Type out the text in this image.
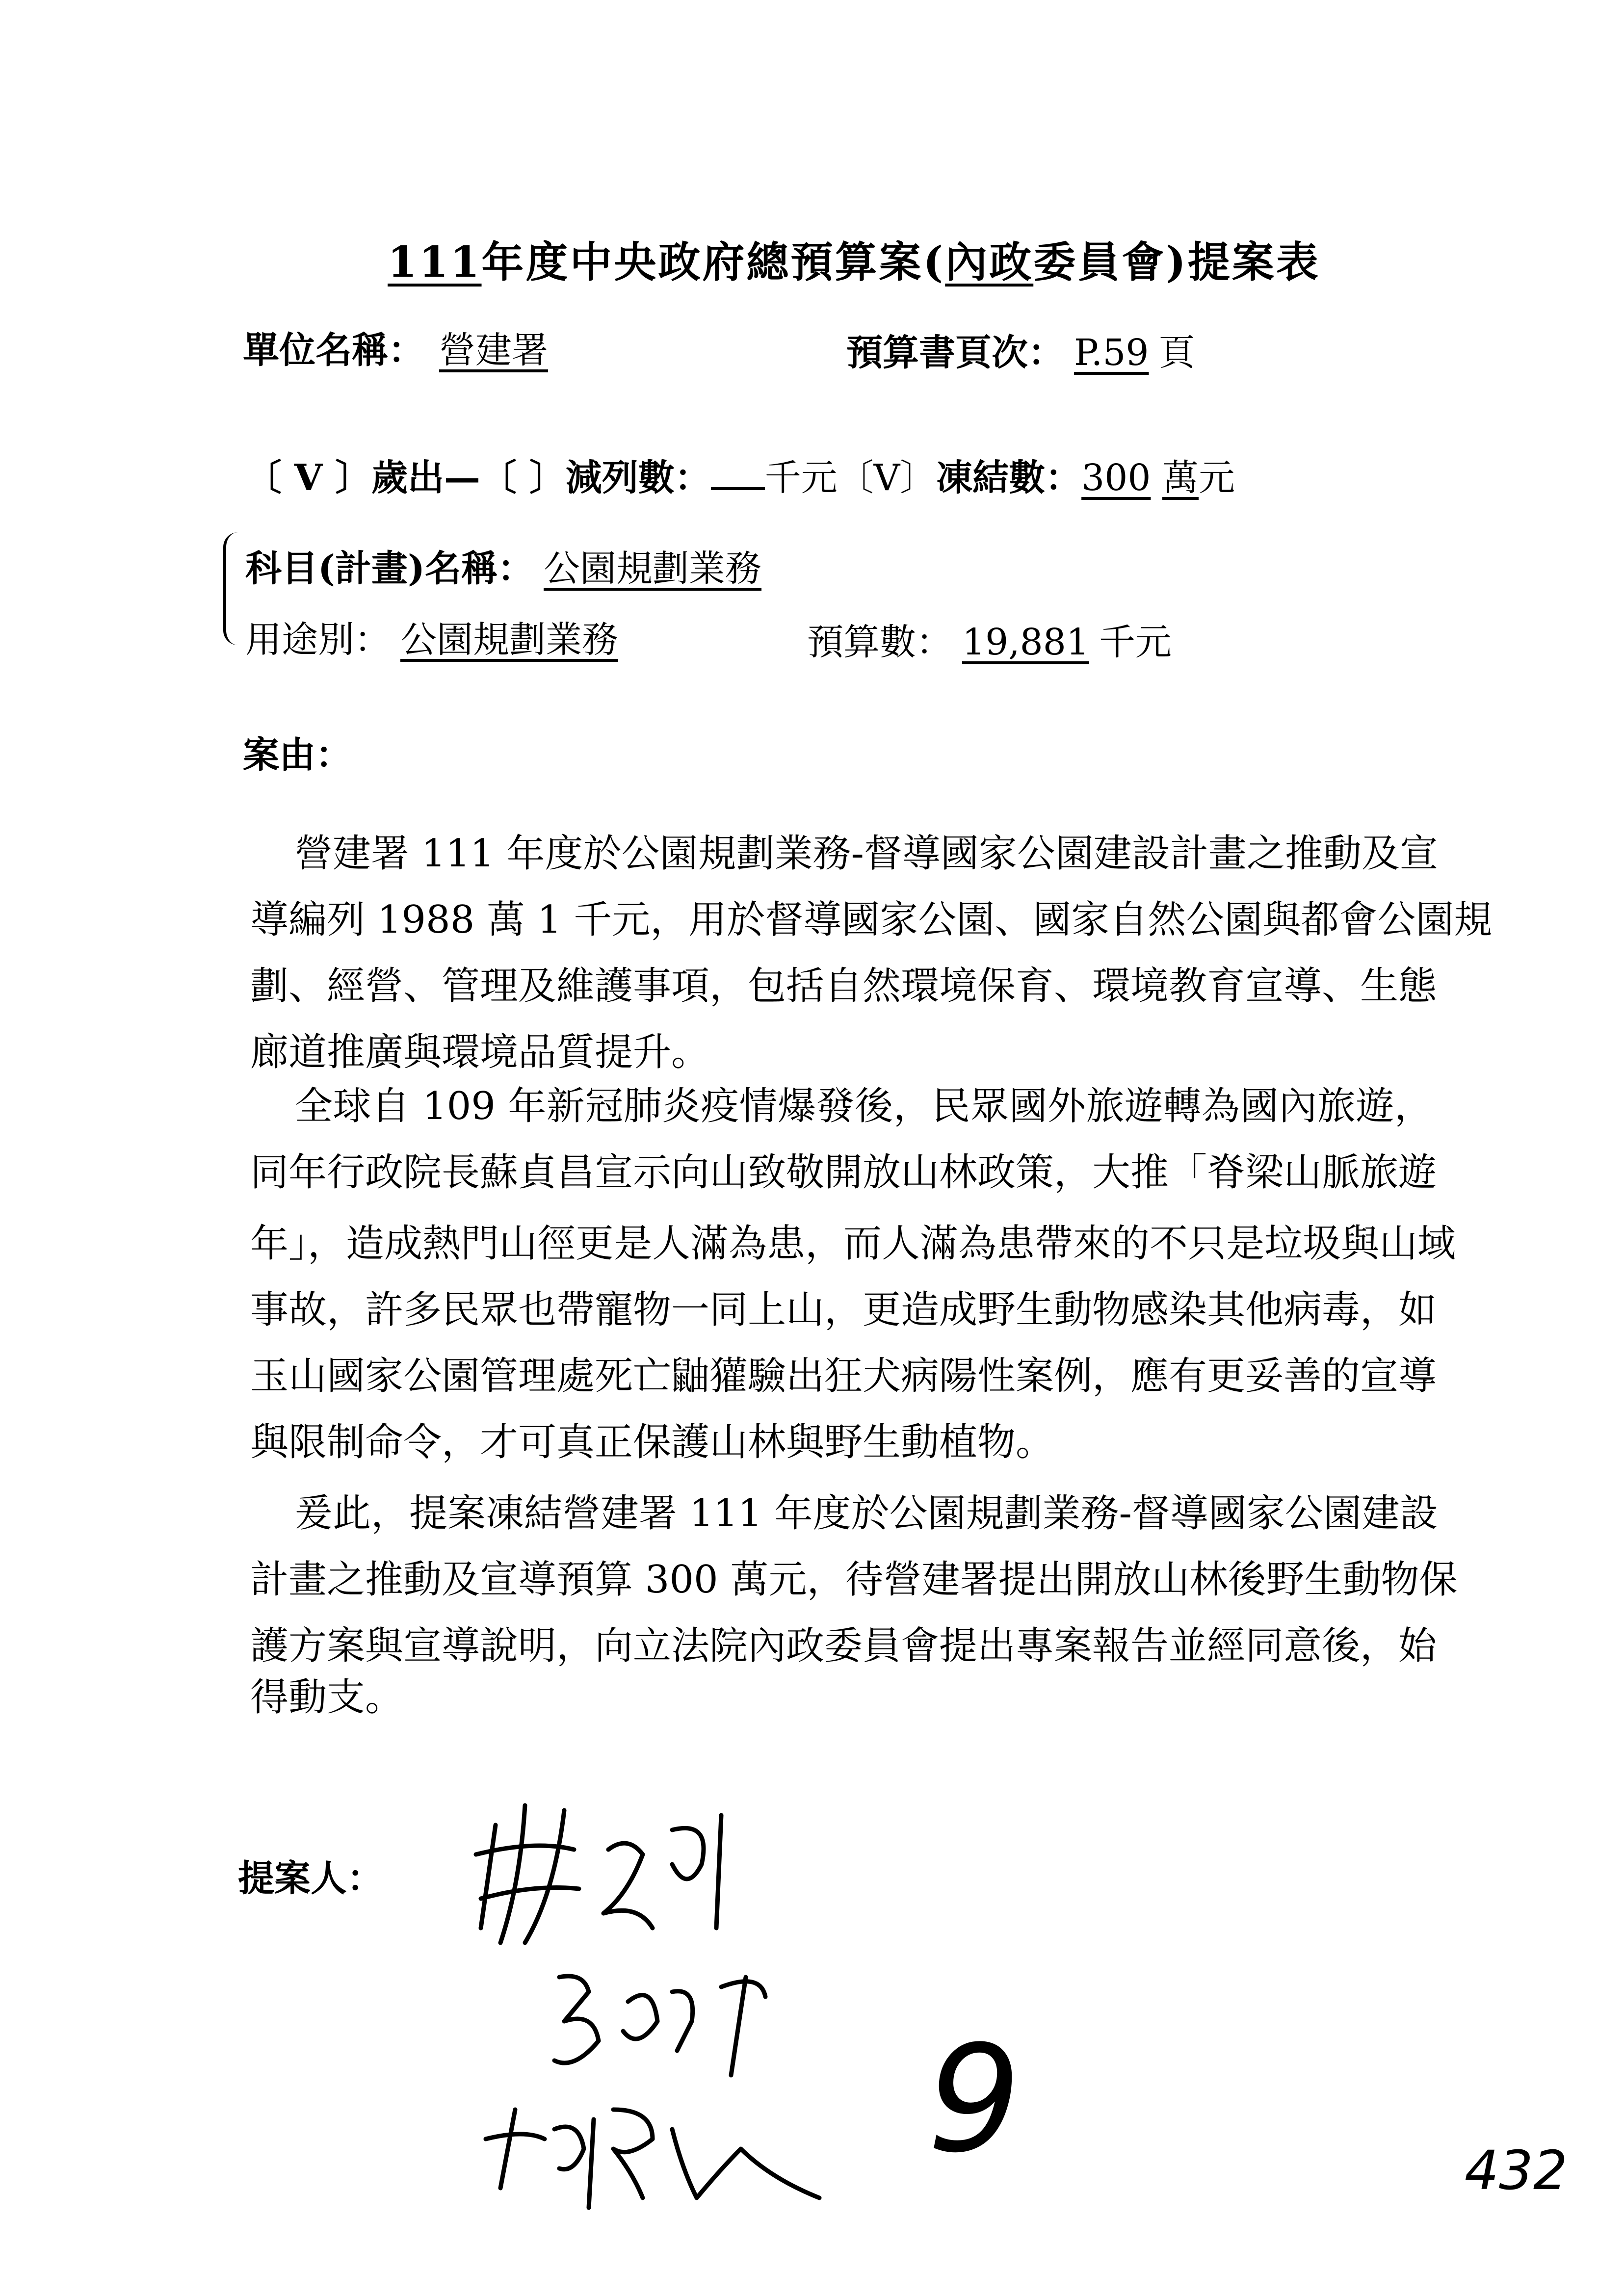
111年度中央政府總預算案(內政委員會)提案表
單位名稱： 營建署	預算書頁次： P.59 頁
〔 V 〕歲出—〔 〕減列數： 千元〔V〕凍結數：300 萬元
科目(計畫)名稱： 公園規劃業務
用途別： 公園規劃業務	預算數： 19,881 千元
案由：
營建署 111 年度於公園規劃業務-督導國家公園建設計畫之推動及宣
導編列 1988 萬 1 千元，用於督導國家公園、國家自然公園與都會公園規
劃、經營、管理及維護事項，包括自然環境保育、環境教育宣導、生態
廊道推廣與環境品質提升。
全球自 109 年新冠肺炎疫情爆發後，民眾國外旅遊轉為國內旅遊，
同年行政院長蘇貞昌宣示向山致敬開放山林政策，大推「脊梁山脈旅遊
年」，造成熱門山徑更是人滿為患，而人滿為患帶來的不只是垃圾與山域
事故，許多民眾也帶寵物一同上山，更造成野生動物感染其他病毒，如
玉山國家公園管理處死亡鼬獾驗出狂犬病陽性案例，應有更妥善的宣導
與限制命令，才可真正保護山林與野生動植物。
爰此，提案凍結營建署 111 年度於公園規劃業務-督導國家公園建設
計畫之推動及宣導預算 300 萬元，待營建署提出開放山林後野生動物保
護方案與宣導說明，向立法院內政委員會提出專案報告並經同意後，始
得動支。
提案人：
9	432
